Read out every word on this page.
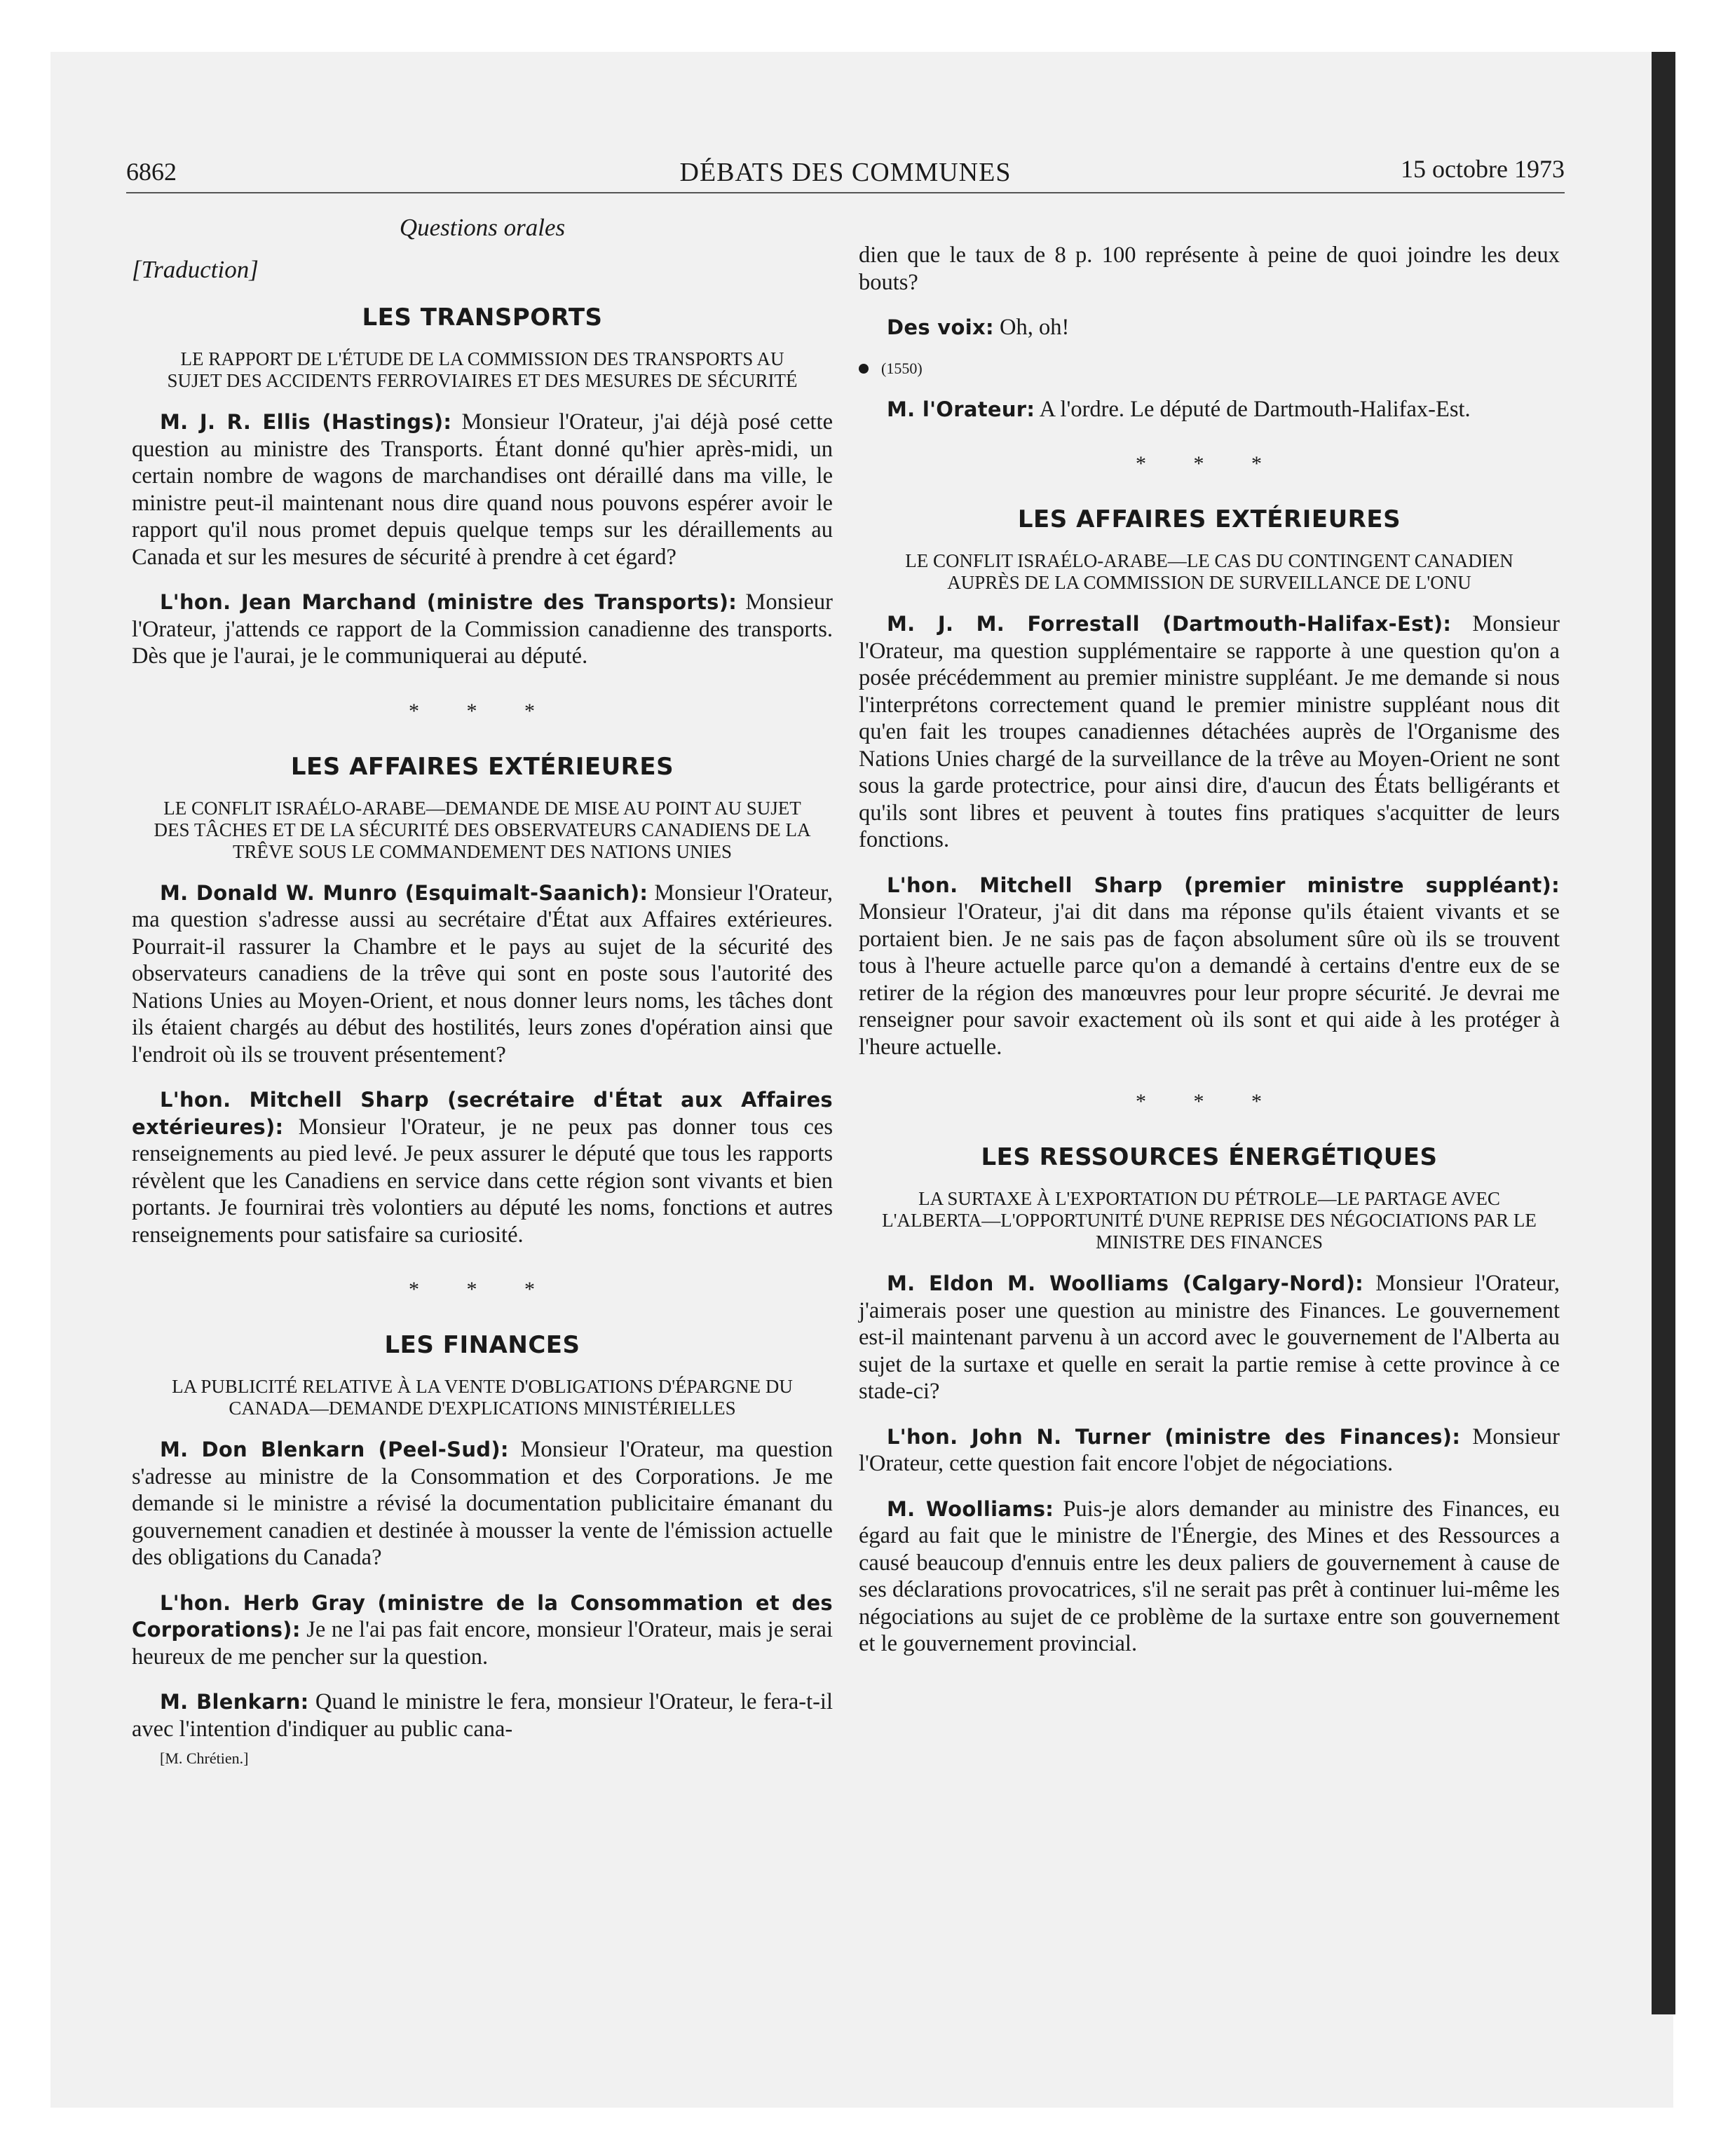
6862	DÉBATS DES COMMUNES	15 octobre 1973
Questions orales
[Traduction]
LES TRANSPORTS
LE RAPPORT DE L'ÉTUDE DE LA COMMISSION DES TRANSPORTS AU SUJET DES ACCIDENTS FERROVIAIRES ET DES MESURES DE SÉCURITÉ

M. J. R. Ellis (Hastings): Monsieur l'Orateur, j'ai déjà posé cette question au ministre des Transports. Étant donné qu'hier après-midi, un certain nombre de wagons de marchandises ont déraillé dans ma ville, le ministre peut-il maintenant nous dire quand nous pouvons espérer avoir le rapport qu'il nous promet depuis quelque temps sur les déraillements au Canada et sur les mesures de sécurité à prendre à cet égard?

L'hon. Jean Marchand (ministre des Transports): Monsieur l'Orateur, j'attends ce rapport de la Commission canadienne des transports. Dès que je l'aurai, je le communiquerai au député.

* * *
LES AFFAIRES EXTÉRIEURES
LE CONFLIT ISRAÉLO-ARABE—DEMANDE DE MISE AU POINT AU SUJET DES TÂCHES ET DE LA SÉCURITÉ DES OBSERVATEURS CANADIENS DE LA TRÊVE SOUS LE COMMANDEMENT DES NATIONS UNIES

M. Donald W. Munro (Esquimalt-Saanich): Monsieur l'Orateur, ma question s'adresse aussi au secrétaire d'État aux Affaires extérieures. Pourrait-il rassurer la Chambre et le pays au sujet de la sécurité des observateurs canadiens de la trêve qui sont en poste sous l'autorité des Nations Unies au Moyen-Orient, et nous donner leurs noms, les tâches dont ils étaient chargés au début des hostilités, leurs zones d'opération ainsi que l'endroit où ils se trouvent présentement?

L'hon. Mitchell Sharp (secrétaire d'État aux Affaires extérieures): Monsieur l'Orateur, je ne peux pas donner tous ces renseignements au pied levé. Je peux assurer le député que tous les rapports révèlent que les Canadiens en service dans cette région sont vivants et bien portants. Je fournirai très volontiers au député les noms, fonctions et autres renseignements pour satisfaire sa curiosité.

* * *
LES FINANCES
LA PUBLICITÉ RELATIVE À LA VENTE D'OBLIGATIONS D'ÉPARGNE DU CANADA—DEMANDE D'EXPLICATIONS MINISTÉRIELLES

M. Don Blenkarn (Peel-Sud): Monsieur l'Orateur, ma question s'adresse au ministre de la Consommation et des Corporations. Je me demande si le ministre a révisé la documentation publicitaire émanant du gouvernement canadien et destinée à mousser la vente de l'émission actuelle des obligations du Canada?

L'hon. Herb Gray (ministre de la Consommation et des Corporations): Je ne l'ai pas fait encore, monsieur l'Orateur, mais je serai heureux de me pencher sur la question.

M. Blenkarn: Quand le ministre le fera, monsieur l'Orateur, le fera-t-il avec l'intention d'indiquer au public cana-

[M. Chrétien.]

dien que le taux de 8 p. 100 représente à peine de quoi joindre les deux bouts?

Des voix: Oh, oh!

(1550)

M. l'Orateur: A l'ordre. Le député de Dartmouth-Halifax-Est.

* * *
LES AFFAIRES EXTÉRIEURES
LE CONFLIT ISRAÉLO-ARABE—LE CAS DU CONTINGENT CANADIEN AUPRÈS DE LA COMMISSION DE SURVEILLANCE DE L'ONU

M. J. M. Forrestall (Dartmouth-Halifax-Est): Monsieur l'Orateur, ma question supplémentaire se rapporte à une question qu'on a posée précédemment au premier ministre suppléant. Je me demande si nous l'interprétons correctement quand le premier ministre suppléant nous dit qu'en fait les troupes canadiennes détachées auprès de l'Organisme des Nations Unies chargé de la surveillance de la trêve au Moyen-Orient ne sont sous la garde protectrice, pour ainsi dire, d'aucun des États belligérants et qu'ils sont libres et peuvent à toutes fins pratiques s'acquitter de leurs fonctions.

L'hon. Mitchell Sharp (premier ministre suppléant): Monsieur l'Orateur, j'ai dit dans ma réponse qu'ils étaient vivants et se portaient bien. Je ne sais pas de façon absolument sûre où ils se trouvent tous à l'heure actuelle parce qu'on a demandé à certains d'entre eux de se retirer de la région des manœuvres pour leur propre sécurité. Je devrai me renseigner pour savoir exactement où ils sont et qui aide à les protéger à l'heure actuelle.

* * *
LES RESSOURCES ÉNERGÉTIQUES
LA SURTAXE À L'EXPORTATION DU PÉTROLE—LE PARTAGE AVEC L'ALBERTA—L'OPPORTUNITÉ D'UNE REPRISE DES NÉGOCIATIONS PAR LE MINISTRE DES FINANCES

M. Eldon M. Woolliams (Calgary-Nord): Monsieur l'Orateur, j'aimerais poser une question au ministre des Finances. Le gouvernement est-il maintenant parvenu à un accord avec le gouvernement de l'Alberta au sujet de la surtaxe et quelle en serait la partie remise à cette province à ce stade-ci?

L'hon. John N. Turner (ministre des Finances): Monsieur l'Orateur, cette question fait encore l'objet de négociations.

M. Woolliams: Puis-je alors demander au ministre des Finances, eu égard au fait que le ministre de l'Énergie, des Mines et des Ressources a causé beaucoup d'ennuis entre les deux paliers de gouvernement à cause de ses déclarations provocatrices, s'il ne serait pas prêt à continuer lui-même les négociations au sujet de ce problème de la surtaxe entre son gouvernement et le gouvernement provincial.
